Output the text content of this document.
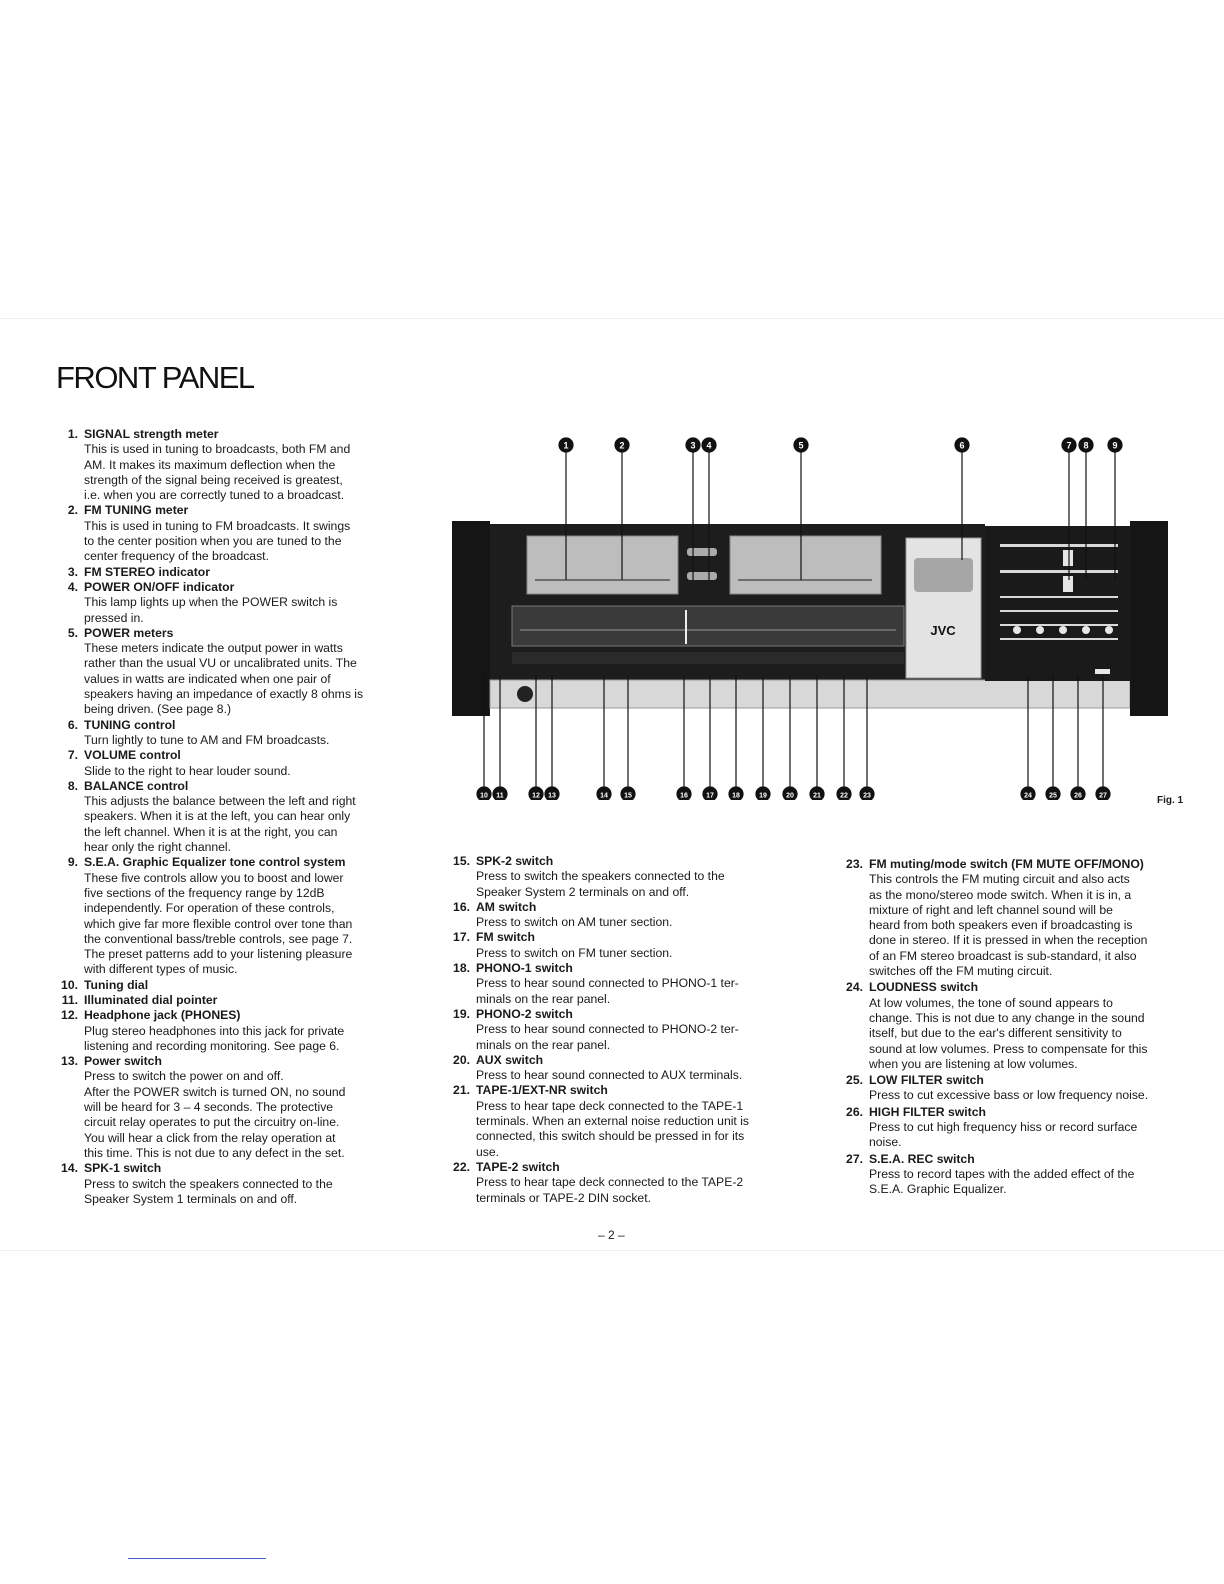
FRONT PANEL
JVC
1	2	3 4	5	6	7 8	9
10 11	12 13	14 15	16	17	18	19	20	21	22 23	24 25 26 27	Fig. 1
1. SIGNAL strength meter
This is used in tuning to broadcasts, both FM and
AM. It makes its maximum deflection when the
strength of the signal being received is greatest,
i.e. when you are correctly tuned to a broadcast.
2. FM TUNING meter
This is used in tuning to FM broadcasts. It swings
to the center position when you are tuned to the
center frequency of the broadcast.
3. FM STEREO indicator
4. POWER ON/OFF indicator
This lamp lights up when the POWER switch is
pressed in.
5. POWER meters
These meters indicate the output power in watts
rather than the usual VU or uncalibrated units. The
values in watts are indicated when one pair of
speakers having an impedance of exactly 8 ohms is
being driven. (See page 8.)
6. TUNING control
Turn lightly to tune to AM and FM broadcasts.
7. VOLUME control
Slide to the right to hear louder sound.
8. BALANCE control
This adjusts the balance between the left and right
speakers. When it is at the left, you can hear only
the left channel. When it is at the right, you can
hear only the right channel.
9. S.E.A. Graphic Equalizer tone control system
These five controls allow you to boost and lower
five sections of the frequency range by 12dB
independently. For operation of these controls,
which give far more flexible control over tone than
the conventional bass/treble controls, see page 7.
The preset patterns add to your listening pleasure
with different types of music.
10. Tuning dial
11. Illuminated dial pointer
12. Headphone jack (PHONES)
Plug stereo headphones into this jack for private
listening and recording monitoring. See page 6.
13. Power switch
Press to switch the power on and off.
After the POWER switch is turned ON, no sound
will be heard for 3 – 4 seconds. The protective
circuit relay operates to put the circuitry on-line.
You will hear a click from the relay operation at
this time. This is not due to any defect in the set.
14. SPK-1 switch
Press to switch the speakers connected to the
Speaker System 1 terminals on and off.
15. SPK-2 switch
Press to switch the speakers connected to the
Speaker System 2 terminals on and off.
16. AM switch
Press to switch on AM tuner section.
17. FM switch
Press to switch on FM tuner section.
18. PHONO-1 switch
Press to hear sound connected to PHONO-1 ter-
minals on the rear panel.
19. PHONO-2 switch
Press to hear sound connected to PHONO-2 ter-
minals on the rear panel.
20. AUX switch
Press to hear sound connected to AUX terminals.
21. TAPE-1/EXT-NR switch
Press to hear tape deck connected to the TAPE-1
terminals. When an external noise reduction unit is
connected, this switch should be pressed in for its
use.
22. TAPE-2 switch
Press to hear tape deck connected to the TAPE-2
terminals or TAPE-2 DIN socket.
23. FM muting/mode switch (FM MUTE OFF/MONO)
This controls the FM muting circuit and also acts
as the mono/stereo mode switch. When it is in, a
mixture of right and left channel sound will be
heard from both speakers even if broadcasting is
done in stereo. If it is pressed in when the reception
of an FM stereo broadcast is sub-standard, it also
switches off the FM muting circuit.
24. LOUDNESS switch
At low volumes, the tone of sound appears to
change. This is not due to any change in the sound
itself, but due to the ear's different sensitivity to
sound at low volumes. Press to compensate for this
when you are listening at low volumes.
25. LOW FILTER switch
Press to cut excessive bass or low frequency noise.
26. HIGH FILTER switch
Press to cut high frequency hiss or record surface
noise.
27. S.E.A. REC switch
Press to record tapes with the added effect of the
S.E.A. Graphic Equalizer.
– 2 –
